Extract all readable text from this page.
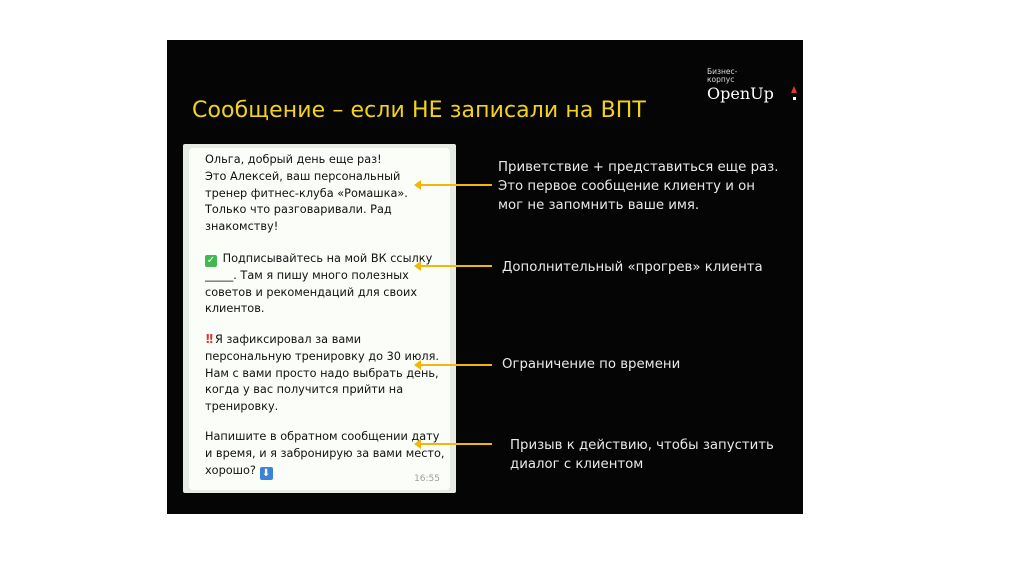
Сообщение – если НЕ записали на ВПТ
Бизнес-корпус
OpenUp

Ольга, добрый день еще раз!
Это Алексей, ваш персональный тренер фитнес-клуба «Ромашка».
Только что разговаривали. Рад знакомству!

✓ Подписывайтесь на мой ВК ссылку _____. Там я пишу много полезных советов и рекомендаций для своих клиентов.

!! Я зафиксировал за вами персональную тренировку до 30 июля. Нам с вами просто надо выбрать день, когда у вас получится прийти на тренировку.

Напишите в обратном сообщении дату и время, и я забронирую за вами место, хорошо? ⬇

16:55

Приветствие + представиться еще раз.
Это первое сообщение клиенту и он
мог не запомнить ваше имя.

Дополнительный «прогрев» клиента

Ограничение по времени

Призыв к действию, чтобы запустить
диалог с клиентом
